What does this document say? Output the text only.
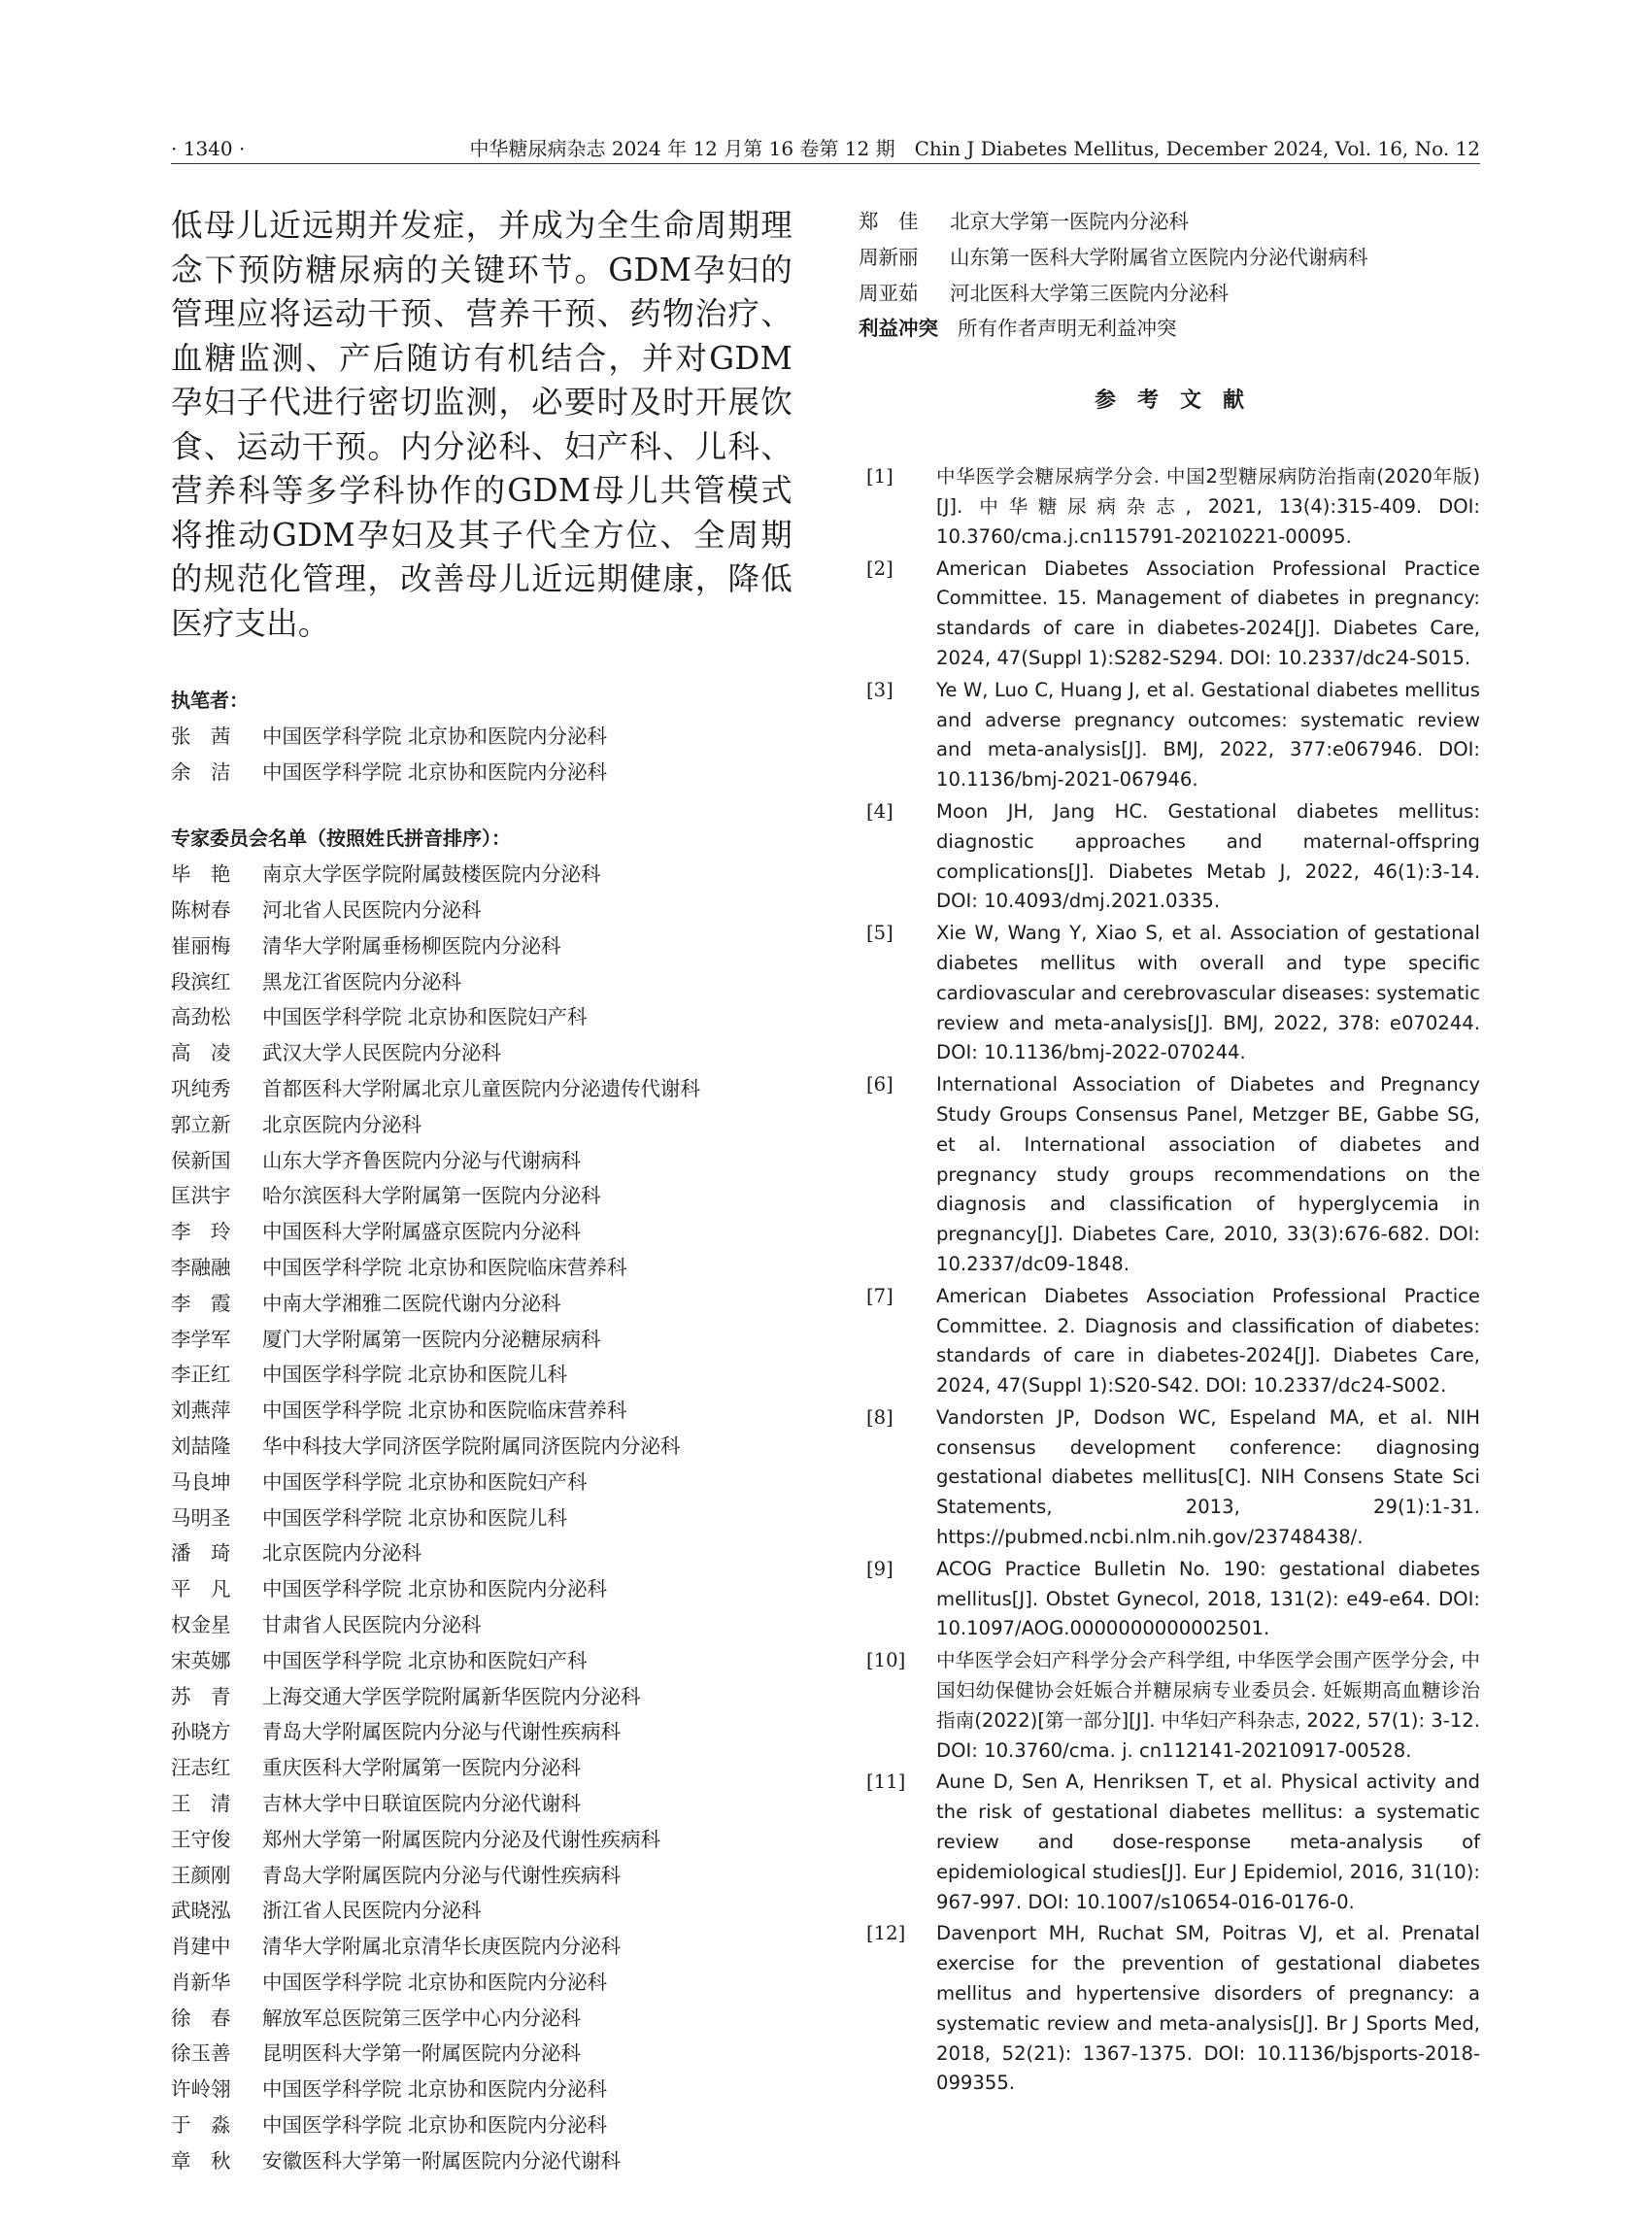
· 1340 ·	中华糖尿病杂志 2024 年 12 月第 16 卷第 12 期　Chin J Diabetes Mellitus, December 2024, Vol. 16, No. 12
低母儿近远期并发症，并成为全生命周期理念下预防糖尿病的关键环节。GDM孕妇的管理应将运动干预、营养干预、药物治疗、血糖监测、产后随访有机结合，并对GDM孕妇子代进行密切监测，必要时及时开展饮食、运动干预。内分泌科、妇产科、儿科、营养科等多学科协作的GDM母儿共管模式将推动GDM孕妇及其子代全方位、全周期的规范化管理，改善母儿近远期健康，降低医疗支出。
执笔者：
张　茜 中国医学科学院 北京协和医院内分泌科
余　洁 中国医学科学院 北京协和医院内分泌科
专家委员会名单（按照姓氏拼音排序）：
毕　艳 南京大学医学院附属鼓楼医院内分泌科
陈树春 河北省人民医院内分泌科
崔丽梅 清华大学附属垂杨柳医院内分泌科
段滨红 黑龙江省医院内分泌科
高劲松 中国医学科学院 北京协和医院妇产科
高　凌 武汉大学人民医院内分泌科
巩纯秀 首都医科大学附属北京儿童医院内分泌遗传代谢科
郭立新 北京医院内分泌科
侯新国 山东大学齐鲁医院内分泌与代谢病科
匡洪宇 哈尔滨医科大学附属第一医院内分泌科
李　玲 中国医科大学附属盛京医院内分泌科
李融融 中国医学科学院 北京协和医院临床营养科
李　霞 中南大学湘雅二医院代谢内分泌科
李学军 厦门大学附属第一医院内分泌糖尿病科
李正红 中国医学科学院 北京协和医院儿科
刘燕萍 中国医学科学院 北京协和医院临床营养科
刘喆隆 华中科技大学同济医学院附属同济医院内分泌科
马良坤 中国医学科学院 北京协和医院妇产科
马明圣 中国医学科学院 北京协和医院儿科
潘　琦 北京医院内分泌科
平　凡 中国医学科学院 北京协和医院内分泌科
权金星 甘肃省人民医院内分泌科
宋英娜 中国医学科学院 北京协和医院妇产科
苏　青 上海交通大学医学院附属新华医院内分泌科
孙晓方 青岛大学附属医院内分泌与代谢性疾病科
汪志红 重庆医科大学附属第一医院内分泌科
王　清 吉林大学中日联谊医院内分泌代谢科
王守俊 郑州大学第一附属医院内分泌及代谢性疾病科
王颜刚 青岛大学附属医院内分泌与代谢性疾病科
武晓泓 浙江省人民医院内分泌科
肖建中 清华大学附属北京清华长庚医院内分泌科
肖新华 中国医学科学院 北京协和医院内分泌科
徐　春 解放军总医院第三医学中心内分泌科
徐玉善 昆明医科大学第一附属医院内分泌科
许岭翎 中国医学科学院 北京协和医院内分泌科
于　淼 中国医学科学院 北京协和医院内分泌科
章　秋 安徽医科大学第一附属医院内分泌代谢科
郑　佳 北京大学第一医院内分泌科
周新丽 山东第一医科大学附属省立医院内分泌代谢病科
周亚茹 河北医科大学第三医院内分泌科
利益冲突 所有作者声明无利益冲突
参考文献
[1] 中华医学会糖尿病学分会. 中国2型糖尿病防治指南(2020年版)[J]. 中华糖尿病杂志, 2021, 13(4):315-409. DOI: 10.3760/cma.j.cn115791-20210221-00095.
[2] American Diabetes Association Professional Practice Committee. 15. Management of diabetes in pregnancy: standards of care in diabetes-2024[J]. Diabetes Care, 2024, 47(Suppl 1):S282-S294. DOI: 10.2337/dc24-S015.
[3] Ye W, Luo C, Huang J, et al. Gestational diabetes mellitus and adverse pregnancy outcomes: systematic review and meta-analysis[J]. BMJ, 2022, 377:e067946. DOI: 10.1136/bmj-2021-067946.
[4] Moon JH, Jang HC. Gestational diabetes mellitus: diagnostic approaches and maternal-offspring complications[J]. Diabetes Metab J, 2022, 46(1):3-14. DOI: 10.4093/dmj.2021.0335.
[5] Xie W, Wang Y, Xiao S, et al. Association of gestational diabetes mellitus with overall and type specific cardiovascular and cerebrovascular diseases: systematic review and meta-analysis[J]. BMJ, 2022, 378: e070244. DOI: 10.1136/bmj-2022-070244.
[6] International Association of Diabetes and Pregnancy Study Groups Consensus Panel, Metzger BE, Gabbe SG, et al. International association of diabetes and pregnancy study groups recommendations on the diagnosis and classification of hyperglycemia in pregnancy[J]. Diabetes Care, 2010, 33(3):676-682. DOI: 10.2337/dc09-1848.
[7] American Diabetes Association Professional Practice Committee. 2. Diagnosis and classification of diabetes: standards of care in diabetes-2024[J]. Diabetes Care, 2024, 47(Suppl 1):S20-S42. DOI: 10.2337/dc24-S002.
[8] Vandorsten JP, Dodson WC, Espeland MA, et al. NIH consensus development conference: diagnosing gestational diabetes mellitus[C]. NIH Consens State Sci Statements, 2013, 29(1):1-31. https://pubmed.ncbi.nlm.nih.gov/23748438/.
[9] ACOG Practice Bulletin No. 190: gestational diabetes mellitus[J]. Obstet Gynecol, 2018, 131(2): e49-e64. DOI: 10.1097/AOG.0000000000002501.
[10] 中华医学会妇产科学分会产科学组, 中华医学会围产医学分会, 中国妇幼保健协会妊娠合并糖尿病专业委员会. 妊娠期高血糖诊治指南(2022)[第一部分][J]. 中华妇产科杂志, 2022, 57(1): 3-12. DOI: 10.3760/cma. j. cn112141-20210917-00528.
[11] Aune D, Sen A, Henriksen T, et al. Physical activity and the risk of gestational diabetes mellitus: a systematic review and dose-response meta-analysis of epidemiological studies[J]. Eur J Epidemiol, 2016, 31(10): 967-997. DOI: 10.1007/s10654-016-0176-0.
[12] Davenport MH, Ruchat SM, Poitras VJ, et al. Prenatal exercise for the prevention of gestational diabetes mellitus and hypertensive disorders of pregnancy: a systematic review and meta-analysis[J]. Br J Sports Med, 2018, 52(21): 1367-1375. DOI: 10.1136/bjsports-2018-099355.
